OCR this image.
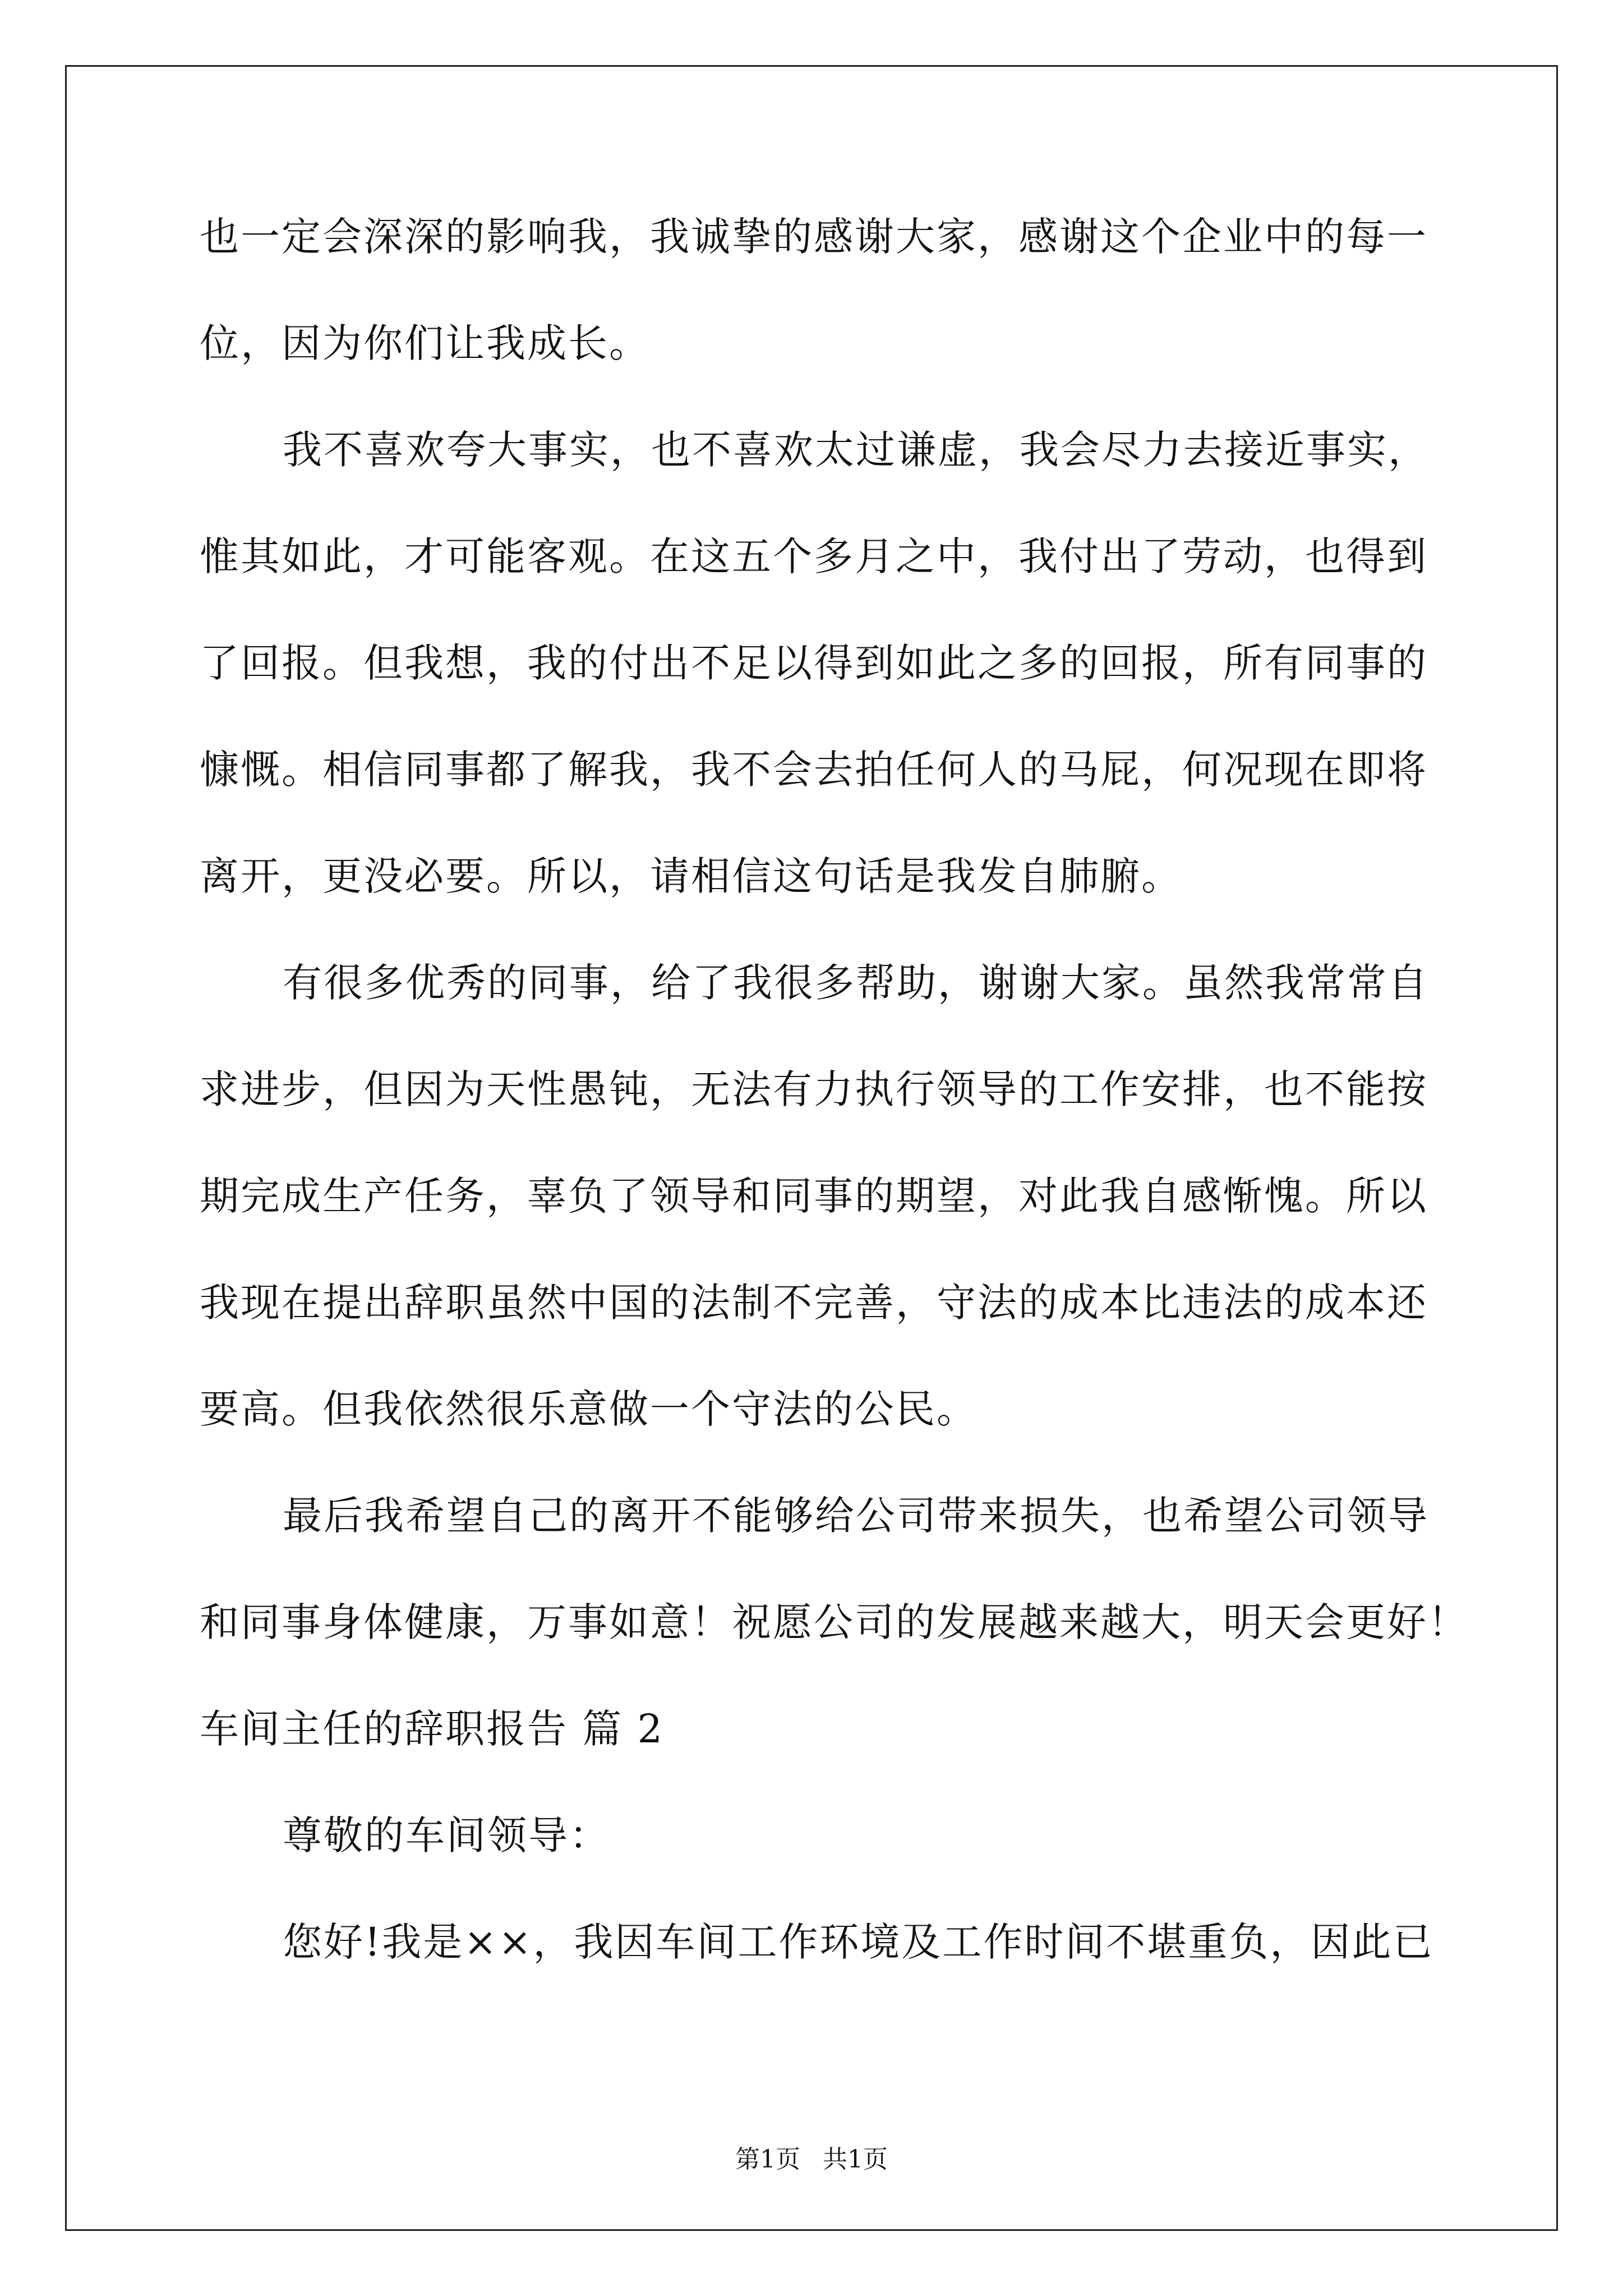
也一定会深深的影响我，我诚挚的感谢大家，感谢这个企业中的每一
位，因为你们让我成长。
我不喜欢夸大事实，也不喜欢太过谦虚，我会尽力去接近事实，
惟其如此，才可能客观。在这五个多月之中，我付出了劳动，也得到
了回报。但我想，我的付出不足以得到如此之多的回报，所有同事的
慷慨。相信同事都了解我，我不会去拍任何人的马屁，何况现在即将
离开，更没必要。所以，请相信这句话是我发自肺腑。
有很多优秀的同事，给了我很多帮助，谢谢大家。虽然我常常自
求进步，但因为天性愚钝，无法有力执行领导的工作安排，也不能按
期完成生产任务，辜负了领导和同事的期望，对此我自感惭愧。所以
我现在提出辞职虽然中国的法制不完善，守法的成本比违法的成本还
要高。但我依然很乐意做一个守法的公民。
最后我希望自己的离开不能够给公司带来损失，也希望公司领导
和同事身体健康，万事如意！祝愿公司的发展越来越大，明天会更好！
车间主任的辞职报告 篇 2
尊敬的车间领导：
您好!我是××，我因车间工作环境及工作时间不堪重负，因此已
第1页 共1页
